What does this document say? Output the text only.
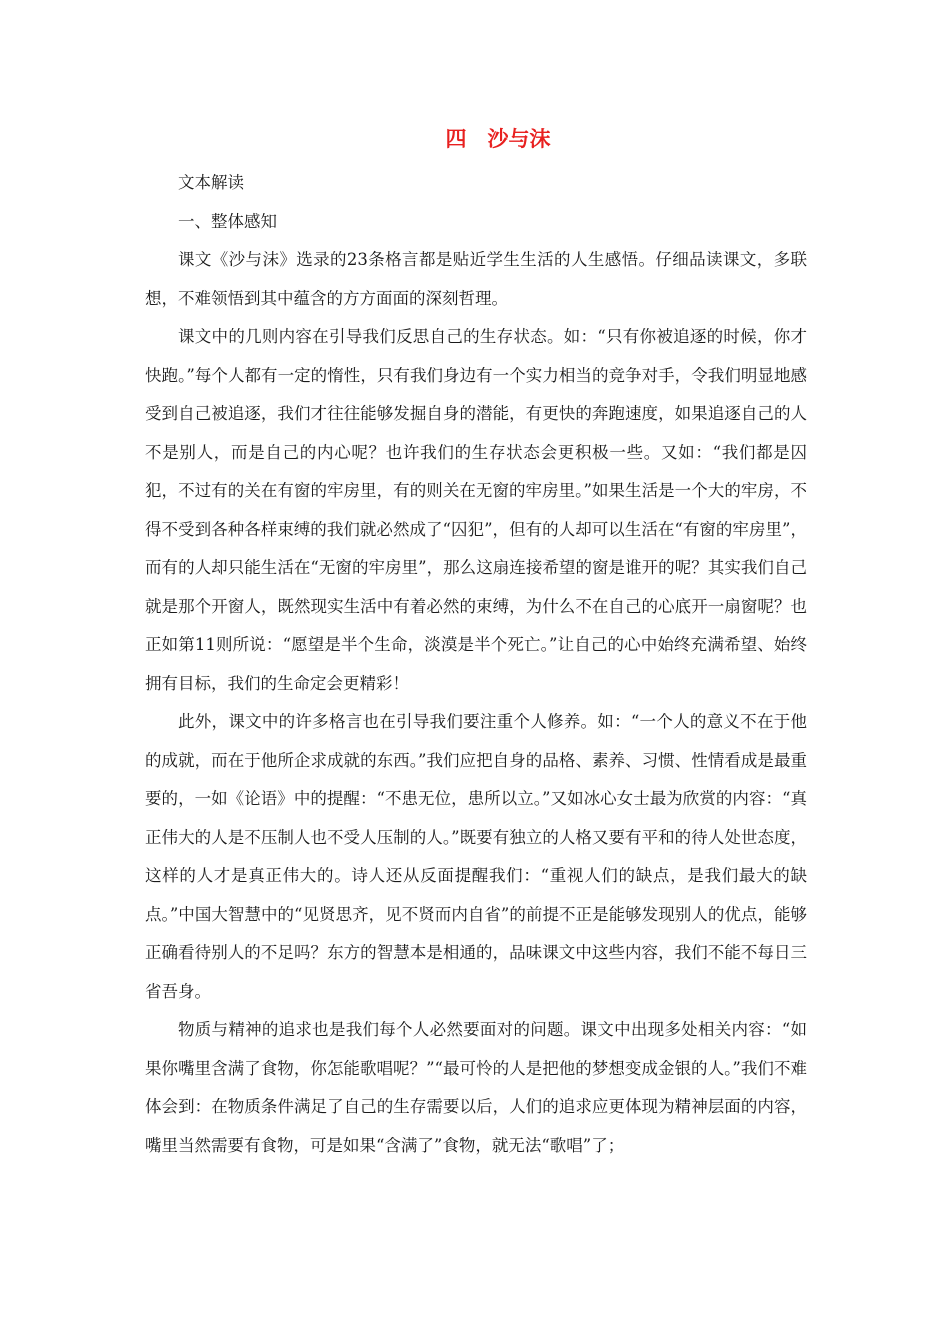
四　沙与沫

文本解读

一、整体感知

课文《沙与沫》选录的23条格言都是贴近学生生活的人生感悟。仔细品读课文，多联想，不难领悟到其中蕴含的方方面面的深刻哲理。

课文中的几则内容在引导我们反思自己的生存状态。如：“只有你被追逐的时候，你才快跑。”每个人都有一定的惰性，只有我们身边有一个实力相当的竞争对手，令我们明显地感受到自己被追逐，我们才往往能够发掘自身的潜能，有更快的奔跑速度，如果追逐自己的人不是别人，而是自己的内心呢？也许我们的生存状态会更积极一些。又如：“我们都是囚犯，不过有的关在有窗的牢房里，有的则关在无窗的牢房里。”如果生活是一个大的牢房，不得不受到各种各样束缚的我们就必然成了“囚犯”，但有的人却可以生活在“有窗的牢房里”，而有的人却只能生活在“无窗的牢房里”，那么这扇连接希望的窗是谁开的呢？其实我们自己就是那个开窗人，既然现实生活中有着必然的束缚，为什么不在自己的心底开一扇窗呢？也正如第11则所说：“愿望是半个生命，淡漠是半个死亡。”让自己的心中始终充满希望、始终拥有目标，我们的生命定会更精彩！

此外，课文中的许多格言也在引导我们要注重个人修养。如：“一个人的意义不在于他的成就，而在于他所企求成就的东西。”我们应把自身的品格、素养、习惯、性情看成是最重要的，一如《论语》中的提醒：“不患无位，患所以立。”又如冰心女士最为欣赏的内容：“真正伟大的人是不压制人也不受人压制的人。”既要有独立的人格又要有平和的待人处世态度，这样的人才是真正伟大的。诗人还从反面提醒我们：“重视人们的缺点，是我们最大的缺点。”中国大智慧中的“见贤思齐，见不贤而内自省”的前提不正是能够发现别人的优点，能够正确看待别人的不足吗？东方的智慧本是相通的，品味课文中这些内容，我们不能不每日三省吾身。

物质与精神的追求也是我们每个人必然要面对的问题。课文中出现多处相关内容：“如果你嘴里含满了食物，你怎能歌唱呢？”“最可怜的人是把他的梦想变成金银的人。”我们不难体会到：在物质条件满足了自己的生存需要以后，人们的追求应更体现为精神层面的内容，嘴里当然需要有食物，可是如果“含满了”食物，就无法“歌唱”了；
